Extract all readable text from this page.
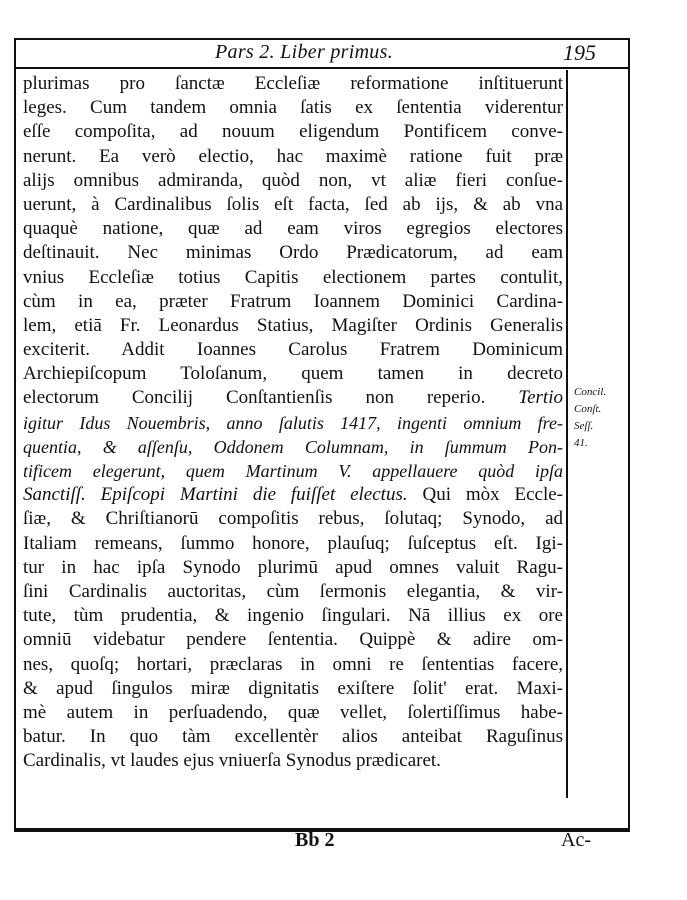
Pars 2. Liber primus.	195
plurimas pro ſanctæ Eccleſiæ reformatione inſtituerunt
leges. Cum tandem omnia ſatis ex ſententia viderentur
eſſe compoſita, ad nouum eligendum Pontificem conve-
nerunt. Ea verò electio, hac maximè ratione fuit præ
alijs omnibus admiranda, quòd non, vt aliæ fieri conſue-
uerunt, à Cardinalibus ſolis eſt facta, ſed ab ijs, & ab vna
quaquè natione, quæ ad eam viros egregios electores
deſtinauit. Nec minimas Ordo Prædicatorum, ad eam
vnius Eccleſiæ totius Capitis electionem partes contulit,
cùm in ea, præter Fratrum Ioannem Dominici Cardina-
lem, etiā Fr. Leonardus Statius, Magiſter Ordinis Generalis
exciterit. Addit Ioannes Carolus Fratrem Dominicum
Archiepiſcopum Toloſanum, quem tamen in decreto
electorum Concilij Conſtantienſis non reperio. Tertio
igitur Idus Nouembris, anno ſalutis 1417, ingenti omnium fre-
quentia, & aſſenſu, Oddonem Columnam, in ſummum Pon-
tificem elegerunt, quem Martinum V. appellauere quòd ipſa
Sanctiſſ. Epiſcopi Martini die fuiſſet electus. Qui mòx Eccle-
ſiæ, & Chriſtianorū compoſitis rebus, ſolutaq; Synodo, ad
Italiam remeans, ſummo honore, plauſuq; ſuſceptus eſt. Igi-
tur in hac ipſa Synodo plurimū apud omnes valuit Ragu-
ſini Cardinalis auctoritas, cùm ſermonis elegantia, & vir-
tute, tùm prudentia, & ingenio ſingulari. Nā illius ex ore
omniū videbatur pendere ſententia. Quippè & adire om-
nes, quoſq; hortari, præclaras in omni re ſententias facere,
& apud ſingulos miræ dignitatis exiſtere ſolit' erat. Maxi-
mè autem in perſuadendo, quæ vellet, ſolertiſſimus habe-
batur. In quo tàm excellentèr alios anteibat Raguſinus
Cardinalis, vt laudes ejus vniuerſa Synodus prædicaret.
Concil.
Conſt.
Seſſ.
41.
Bb 2	Ac-
